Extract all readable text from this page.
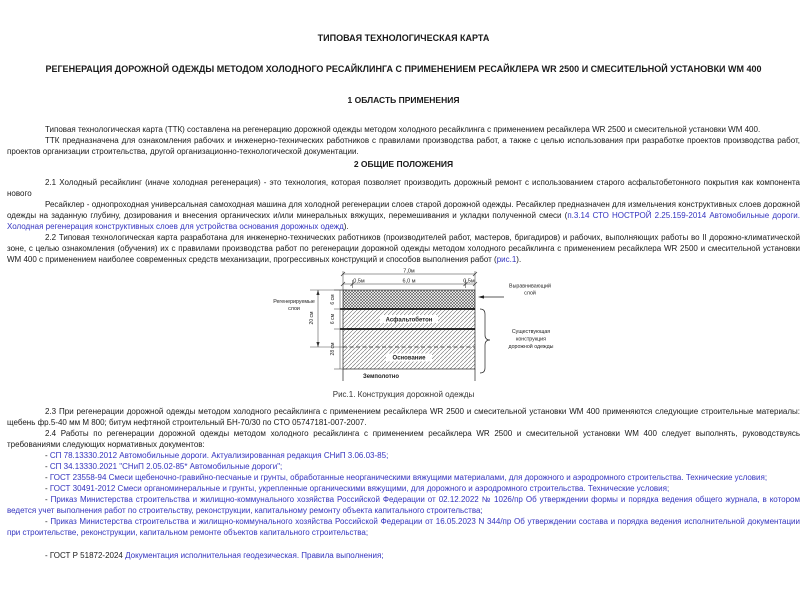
ТИПОВАЯ ТЕХНОЛОГИЧЕСКАЯ КАРТА

РЕГЕНЕРАЦИЯ ДОРОЖНОЙ ОДЕЖДЫ МЕТОДОМ ХОЛОДНОГО РЕСАЙКЛИНГА С ПРИМЕНЕНИЕМ РЕСАЙКЛЕРА WR 2500 И СМЕСИТЕЛЬНОЙ УСТАНОВКИ WM 400

1 ОБЛАСТЬ ПРИМЕНЕНИЯ

Типовая технологическая карта (ТТК) составлена на регенерацию дорожной одежды методом холодного ресайклинга с применением ресайклера WR 2500 и смесительной установки WM 400.

ТТК предназначена для ознакомления рабочих и инженерно-технических работников с правилами производства работ, а также с целью использования при разработке проектов производства работ, проектов организации строительства, другой организационно-технологической документации.

2 ОБЩИЕ ПОЛОЖЕНИЯ

2.1 Холодный ресайклинг (иначе холодная регенерация) - это технология, которая позволяет производить дорожный ремонт с использованием старого асфальтобетонного покрытия как компонента нового

Ресайклер - однопроходная универсальная самоходная машина для холодной регенерации слоев старой дорожной одежды. Ресайклер предназначен для измельчения конструктивных слоев дорожной одежды на заданную глубину, дозирования и внесения органических и/или минеральных вяжущих, перемешивания и укладки полученной смеси (п.3.14 СТО НОСТРОЙ 2.25.159-2014 Автомобильные дороги. Холодная регенерация конструктивных слоев для устройства основания дорожных одежд).

2.2 Типовая технологическая карта разработана для инженерно-технических работников (производителей работ, мастеров, бригадиров) и рабочих, выполняющих работы во II дорожно-климатической зоне, с целью ознакомления (обучения) их с правилами производства работ по регенерации дорожной одежды методом холодного ресайклинга с применением ресайклера WR 2500 и смесительной установки WM 400 с применением наиболее современных средств механизации, прогрессивных конструкций и способов выполнения работ (рис.1).

7,0м
0,5м	6,0 м	0,5м
Асфальтобетон
Основание
Земполотно
6 см
6 см
28 см
20 см
Регенерируемые
слои
Выравнивающий
слой
Существующая
конструкция
дорожной одежды

Рис.1. Конструкция дорожной одежды

2.3 При регенерации дорожной одежды методом холодного ресайклинга с применением ресайклера WR 2500 и смесительной установки WM 400 применяются следующие строительные материалы: щебень фр.5-40 мм М 800; битум нефтяной строительный БН-70/30 по СТО 05747181-007-2007.

2.4 Работы по регенерации дорожной одежды методом холодного ресайклинга с применением ресайклера WR 2500 и смесительной установки WM 400 следует выполнять, руководствуясь требованиями следующих нормативных документов:

- СП 78.13330.2012 Автомобильные дороги. Актуализированная редакция СНиП 3.06.03-85;

- СП 34.13330.2021 "СНиП 2.05.02-85* Автомобильные дороги";

- ГОСТ 23558-94 Смеси щебеночно-гравийно-песчаные и грунты, обработанные неорганическими вяжущими материалами, для дорожного и аэродромного строительства. Технические условия;

- ГОСТ 30491-2012 Смеси органоминеральные и грунты, укрепленные органическими вяжущими, для дорожного и аэродромного строительства. Технические условия;

- Приказ Министерства строительства и жилищно-коммунального хозяйства Российской Федерации от 02.12.2022 № 1026/пр Об утверждении формы и порядка ведения общего журнала, в котором ведется учет выполнения работ по строительству, реконструкции, капитальному ремонту объекта капитального строительства;

- Приказ Министерства строительства и жилищно-коммунального хозяйства Российской Федерации от 16.05.2023 N 344/пр Об утверждении состава и порядка ведения исполнительной документации при строительстве, реконструкции, капитальном ремонте объектов капитального строительства;

- ГОСТ Р 51872-2024 Документация исполнительная геодезическая. Правила выполнения;
